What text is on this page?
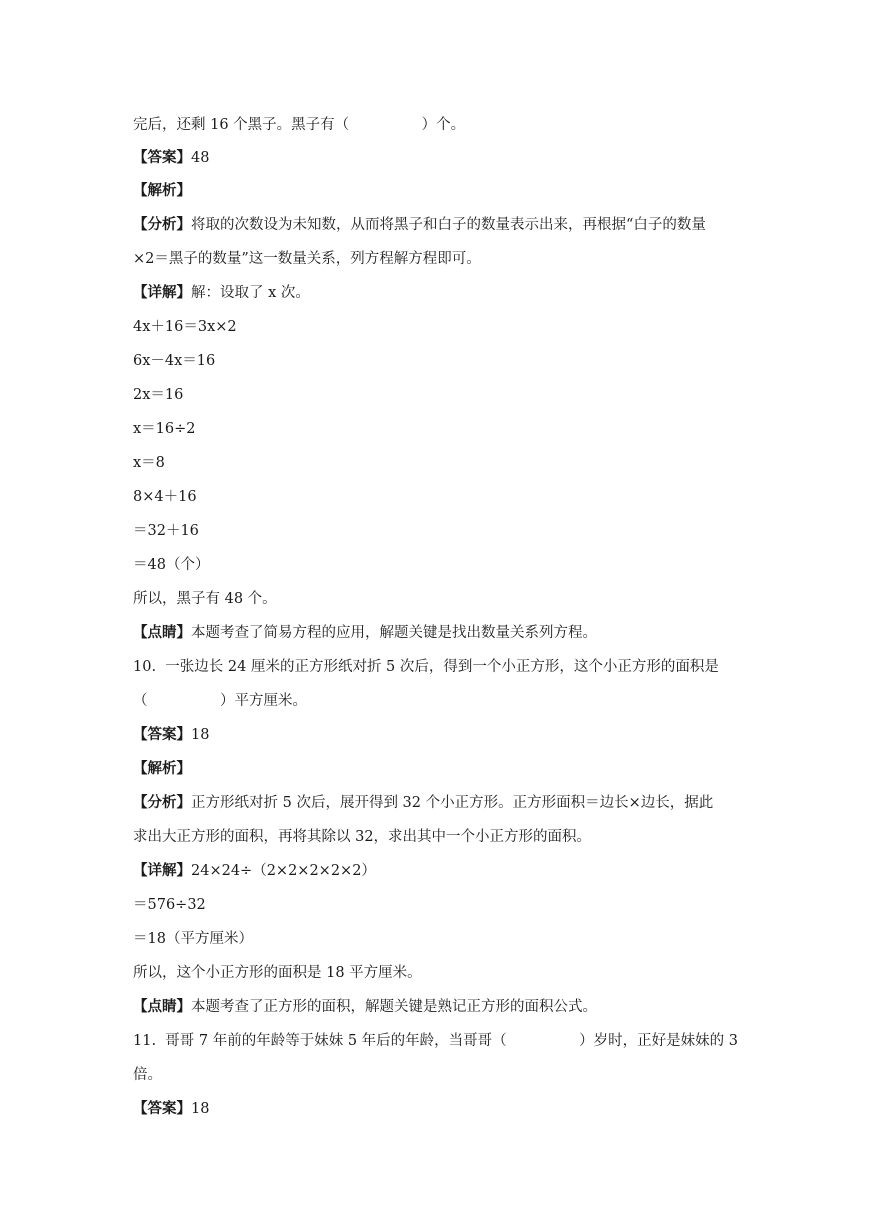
完后，还剩 16 个黑子。黑子有（　　　　　）个。
【答案】48
【解析】
【分析】将取的次数设为未知数，从而将黑子和白子的数量表示出来，再根据“白子的数量
×2＝黑子的数量”这一数量关系，列方程解方程即可。
【详解】解：设取了 x 次。
4x＋16＝3x×2
6x－4x＝16
2x＝16
x＝16÷2
x＝8
8×4＋16
＝32＋16
＝48（个）
所以，黑子有 48 个。
【点睛】本题考查了简易方程的应用，解题关键是找出数量关系列方程。
10.  一张边长 24 厘米的正方形纸对折 5 次后，得到一个小正方形，这个小正方形的面积是
（　　　　　）平方厘米。
【答案】18
【解析】
【分析】正方形纸对折 5 次后，展开得到 32 个小正方形。正方形面积＝边长×边长，据此
求出大正方形的面积，再将其除以 32，求出其中一个小正方形的面积。
【详解】24×24÷（2×2×2×2×2）
＝576÷32
＝18（平方厘米）
所以，这个小正方形的面积是 18 平方厘米。
【点睛】本题考查了正方形的面积，解题关键是熟记正方形的面积公式。
11.  哥哥 7 年前的年龄等于妹妹 5 年后的年龄，当哥哥（　　　　　）岁时，正好是妹妹的 3
倍。
【答案】18
